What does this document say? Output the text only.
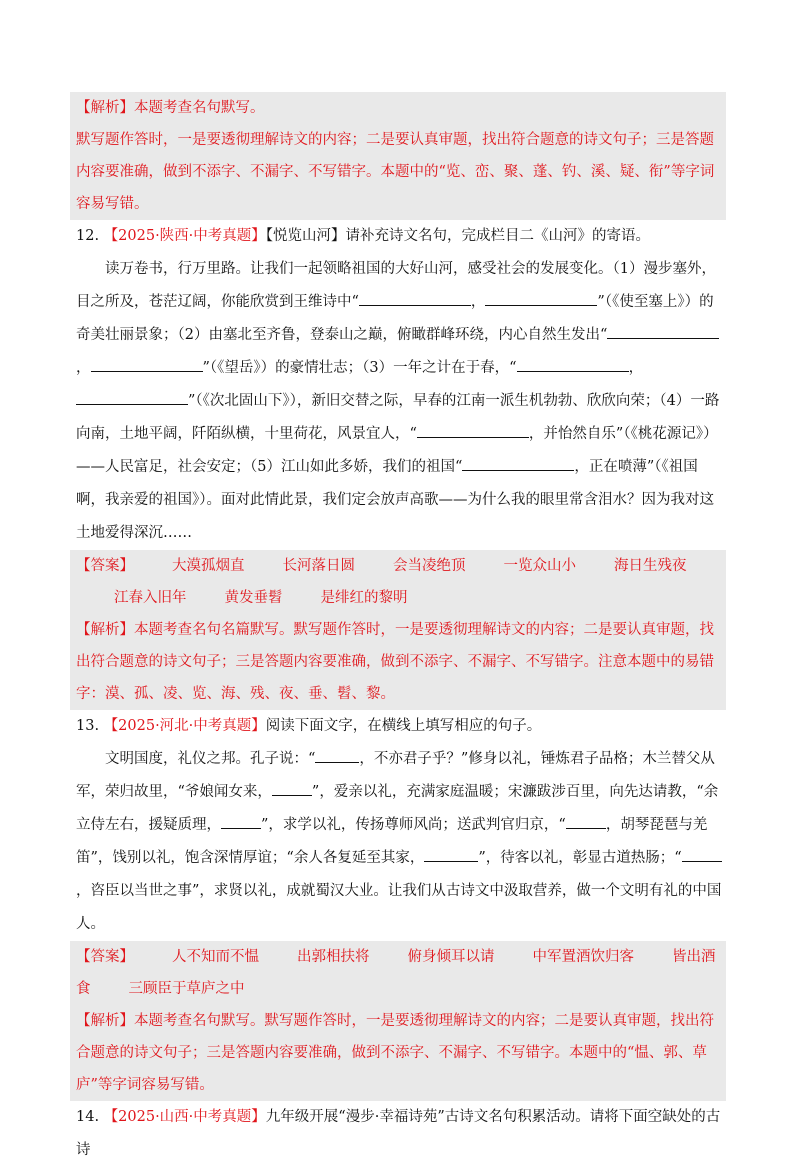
【解析】本题考查名句默写。

默写题作答时，一是要透彻理解诗文的内容；二是要认真审题，找出符合题意的诗文句子；三是答题内容要准确，做到不添字、不漏字、不写错字。本题中的“览、峦、聚、蓬、钓、溪、疑、衔”等字词容易写错。

12. 【2025·陕西·中考真题】【悦览山河】请补充诗文名句，完成栏目二《山河》的寄语。

读万卷书，行万里路。让我们一起领略祖国的大好山河，感受社会的发展变化。（1）漫步塞外，目之所及，苍茫辽阔，你能欣赏到王维诗中“	，	”（《使至塞上》）的奇美壮丽景象；（2）由塞北至齐鲁，登泰山之巅，俯瞰群峰环绕，内心自然生发出“，	”（《望岳》）的豪情壮志；（3）一年之计在于春，“	，”（《次北固山下》），新旧交替之际，早春的江南一派生机勃勃、欣欣向荣；（4）一路向南，土地平阔，阡陌纵横，十里荷花，风景宜人，“	，并怡然自乐”（《桃花源记》）——人民富足，社会安定；（5）江山如此多娇，我们的祖国“	，正在喷薄”（《祖国啊，我亲爱的祖国》）。面对此情此景，我们定会放声高歌——为什么我的眼里常含泪水？因为我对这土地爱得深沉……

【答案】	大漠孤烟直	长河落日圆	会当凌绝顶	一览众山小	海日生残夜江春入旧年	黄发垂髫	是绯红的黎明

【解析】本题考查名句名篇默写。默写题作答时，一是要透彻理解诗文的内容；二是要认真审题，找出符合题意的诗文句子；三是答题内容要准确，做到不添字、不漏字、不写错字。注意本题中的易错字：漠、孤、凌、览、海、残、夜、垂、髫、黎。

13. 【2025·河北·中考真题】阅读下面文字，在横线上填写相应的句子。

文明国度，礼仪之邦。孔子说：“	，不亦君子乎？”修身以礼，锤炼君子品格；木兰替父从军，荣归故里，“爷娘闻女来，	”，爱亲以礼，充满家庭温暖；宋濂跋涉百里，向先达请教，“余立侍左右，援疑质理，	”，求学以礼，传扬尊师风尚；送武判官归京，“	，胡琴琵琶与羌笛”，饯别以礼，饱含深情厚谊；“余人各复延至其家，	”，待客以礼，彰显古道热肠；“，咨臣以当世之事”，求贤以礼，成就蜀汉大业。让我们从古诗文中汲取营养，做一个文明有礼的中国人。

【答案】	人不知而不愠	出郭相扶将	俯身倾耳以请	中军置酒饮归客	皆出酒食	三顾臣于草庐之中

【解析】本题考查名句默写。默写题作答时，一是要透彻理解诗文的内容；二是要认真审题，找出符合题意的诗文句子；三是答题内容要准确，做到不添字、不漏字、不写错字。本题中的“愠、郭、草庐”等字词容易写错。

14. 【2025·山西·中考真题】九年级开展“漫步·幸福诗苑”古诗文名句积累活动。请将下面空缺处的古诗
